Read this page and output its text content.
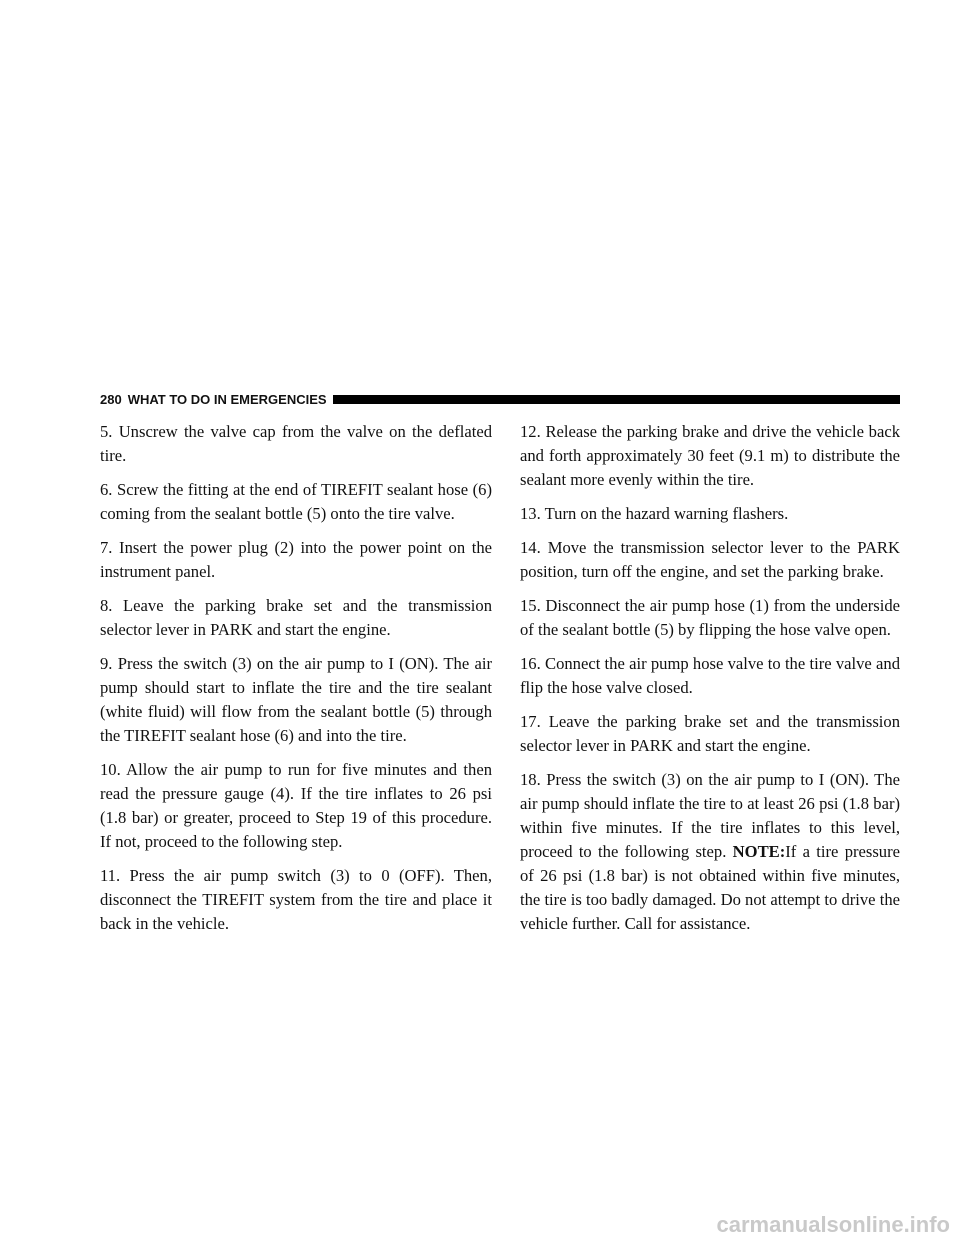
280 WHAT TO DO IN EMERGENCIES

5. Unscrew the valve cap from the valve on the deflated tire.

6. Screw the fitting at the end of TIREFIT sealant hose (6) coming from the sealant bottle (5) onto the tire valve.

7. Insert the power plug (2) into the power point on the instrument panel.

8. Leave the parking brake set and the transmission selector lever in PARK and start the engine.

9. Press the switch (3) on the air pump to I (ON). The air pump should start to inflate the tire and the tire sealant (white fluid) will flow from the sealant bottle (5) through the TIREFIT sealant hose (6) and into the tire.

10. Allow the air pump to run for five minutes and then read the pressure gauge (4). If the tire inflates to 26 psi (1.8 bar) or greater, proceed to Step 19 of this procedure. If not, proceed to the following step.

11. Press the air pump switch (3) to 0 (OFF). Then, disconnect the TIREFIT system from the tire and place it back in the vehicle.

12. Release the parking brake and drive the vehicle back and forth approximately 30 feet (9.1 m) to distribute the sealant more evenly within the tire.

13. Turn on the hazard warning flashers.

14. Move the transmission selector lever to the PARK position, turn off the engine, and set the parking brake.

15. Disconnect the air pump hose (1) from the underside of the sealant bottle (5) by flipping the hose valve open.

16. Connect the air pump hose valve to the tire valve and flip the hose valve closed.

17. Leave the parking brake set and the transmission selector lever in PARK and start the engine.

18. Press the switch (3) on the air pump to I (ON). The air pump should inflate the tire to at least 26 psi (1.8 bar) within five minutes. If the tire inflates to this level, proceed to the following step. NOTE:If a tire pressure of 26 psi (1.8 bar) is not obtained within five minutes, the tire is too badly damaged. Do not attempt to drive the vehicle further. Call for assistance.

carmanualsonline.info
